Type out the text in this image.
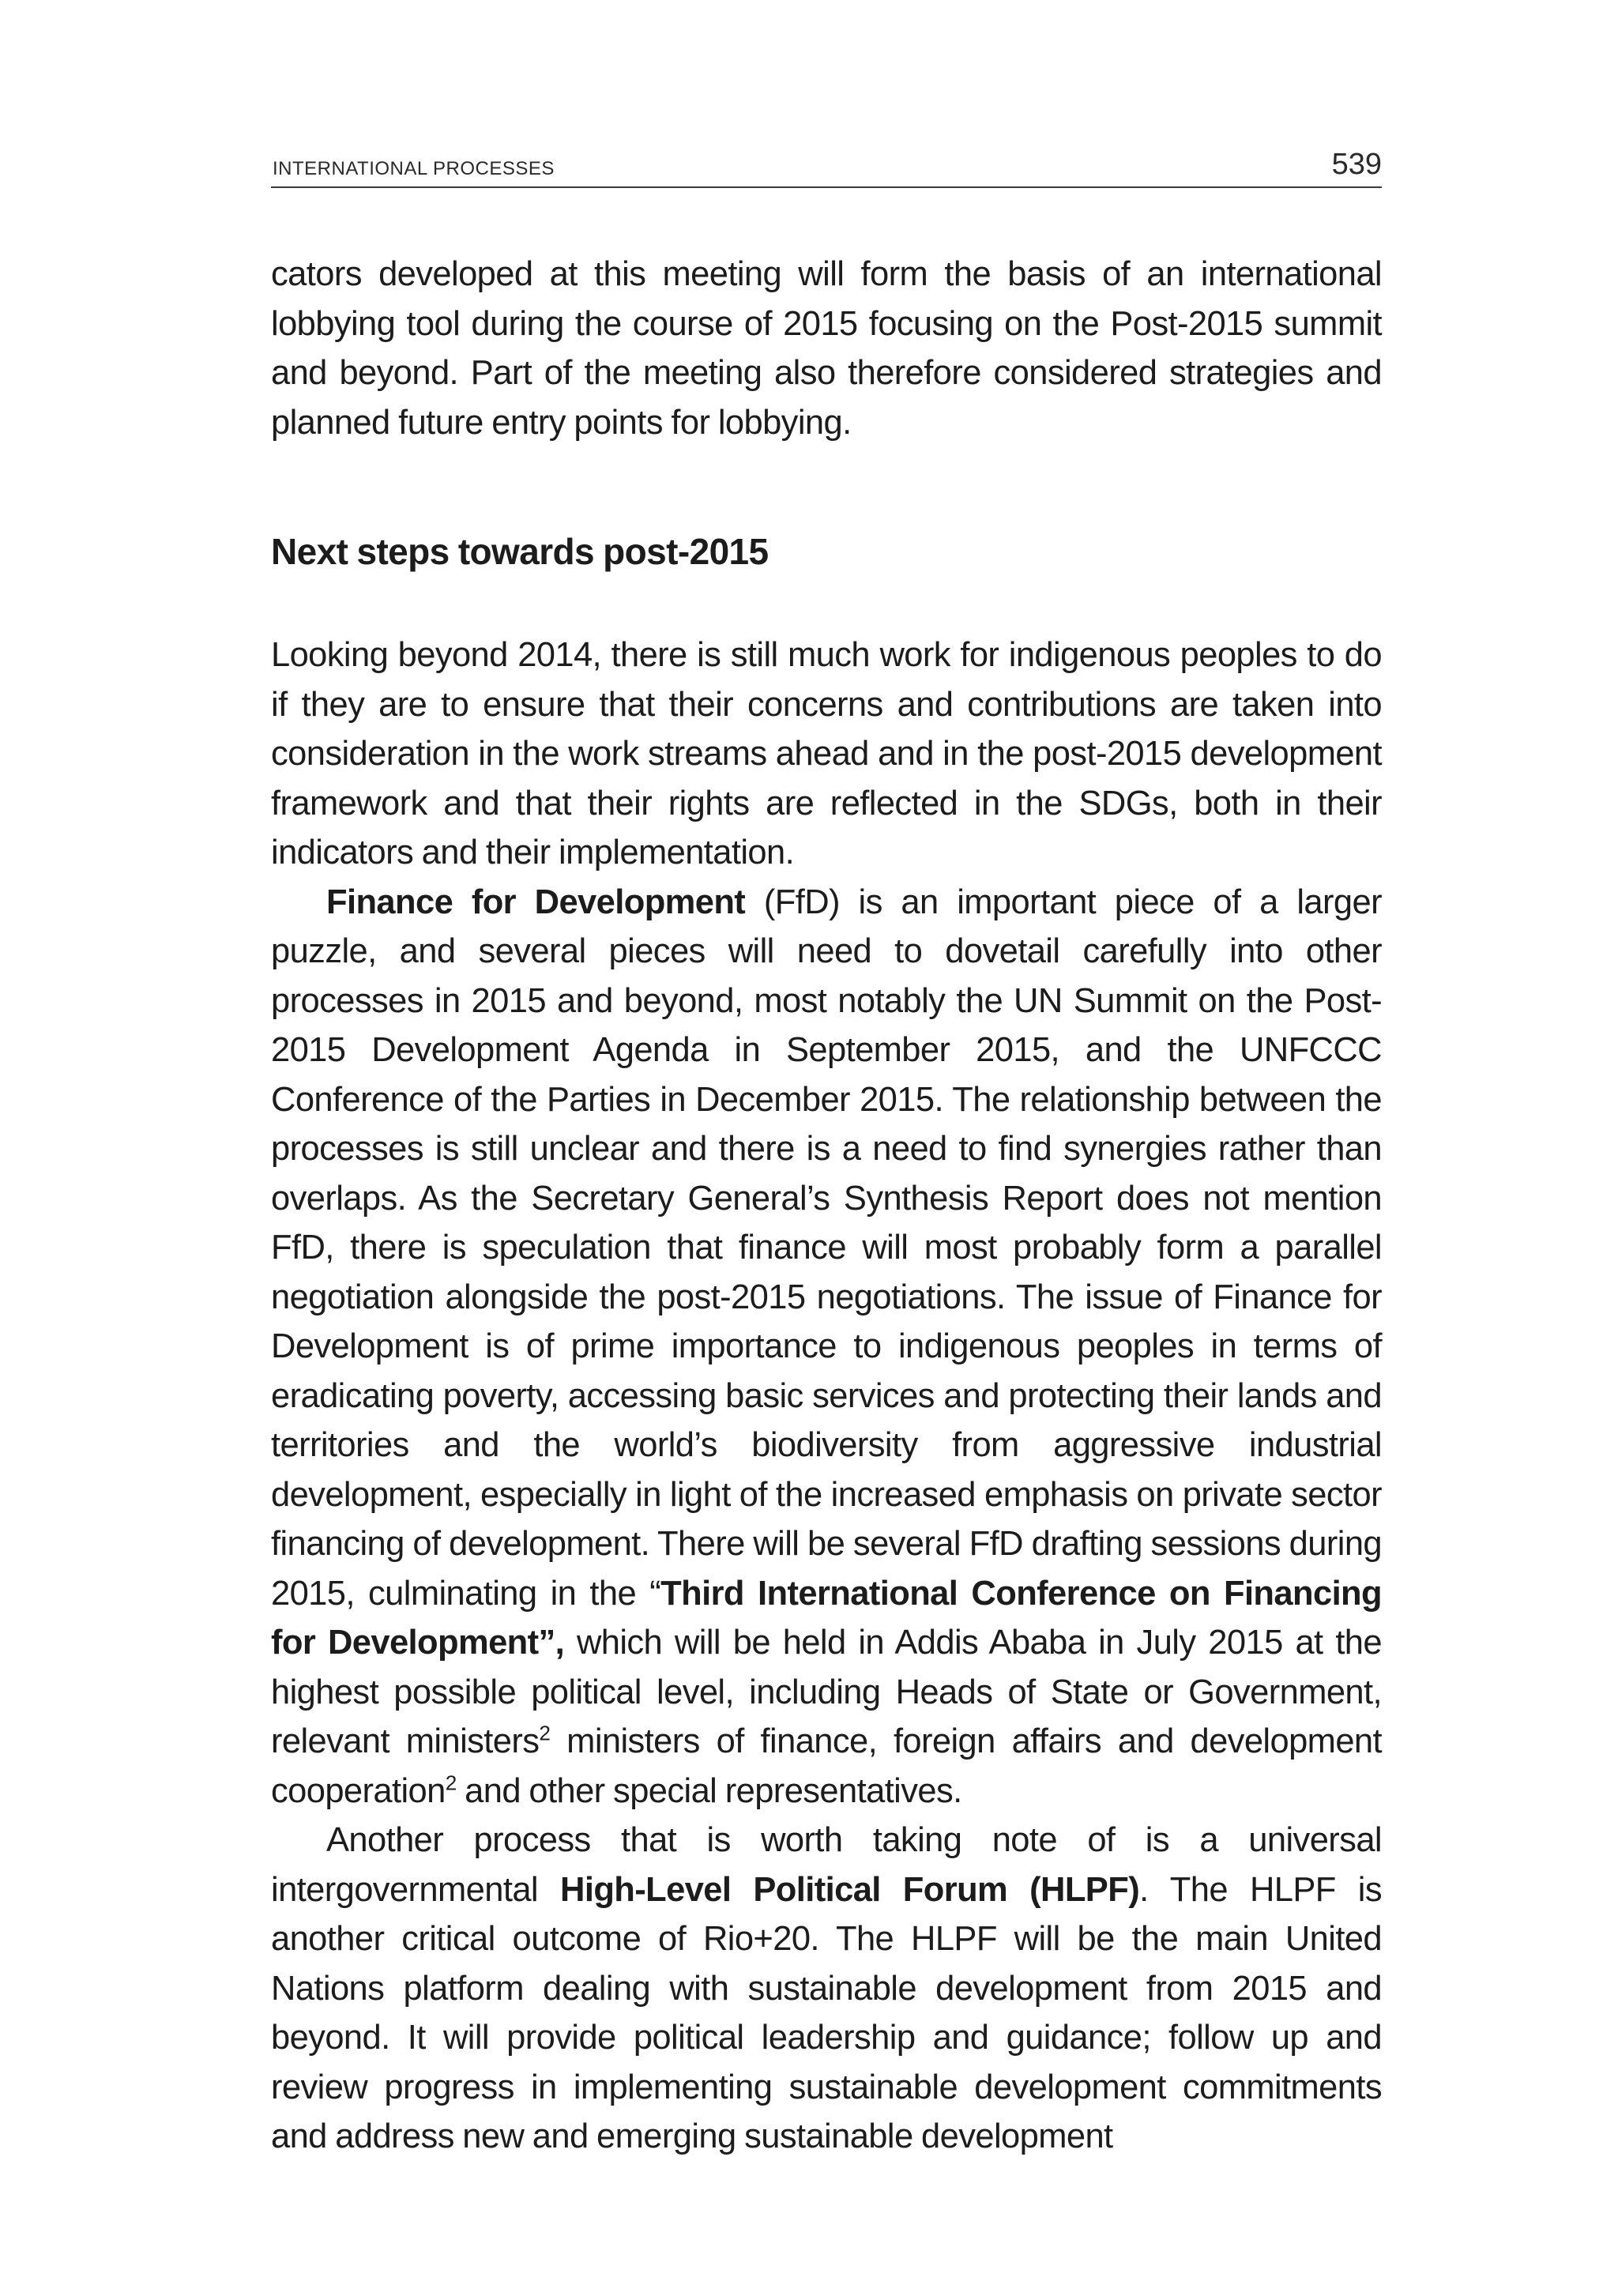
INTERNATIONAL PROCESSES	539

cators developed at this meeting will form the basis of an international lobbying tool during the course of 2015 focusing on the Post-2015 summit and beyond. Part of the meeting also therefore considered strategies and planned future entry points for lobbying.

Next steps towards post-2015

Looking beyond 2014, there is still much work for indigenous peoples to do if they are to ensure that their concerns and contributions are taken into consideration in the work streams ahead and in the post-2015 development framework and that their rights are reflected in the SDGs, both in their indicators and their implementation.

Finance for Development (FfD) is an important piece of a larger puzzle, and several pieces will need to dovetail carefully into other processes in 2015 and beyond, most notably the UN Summit on the Post-2015 Development Agenda in September 2015, and the UNFCCC Conference of the Parties in December 2015. The relationship between the processes is still unclear and there is a need to find synergies rather than overlaps. As the Secretary General’s Synthesis Report does not mention FfD, there is speculation that finance will most probably form a parallel negotiation alongside the post-2015 negotiations. The issue of Finance for Development is of prime importance to indigenous peoples in terms of eradicating poverty, accessing basic services and protecting their lands and territories and the world’s biodiversity from aggressive industrial development, especially in light of the increased emphasis on private sector financing of development. There will be several FfD drafting sessions during 2015, culminating in the “Third International Conference on Financing for Development”, which will be held in Addis Ababa in July 2015 at the highest possible political level, including Heads of State or Government, relevant ministers$^2$ ministers of finance, foreign affairs and development cooperation$^2$ and other special representatives.

Another process that is worth taking note of is a universal intergovernmental High-Level Political Forum (HLPF). The HLPF is another critical outcome of Rio+20. The HLPF will be the main United Nations platform dealing with sustainable development from 2015 and beyond. It will provide political leadership and guidance; follow up and review progress in implementing sustainable development commitments and address new and emerging sustainable development
